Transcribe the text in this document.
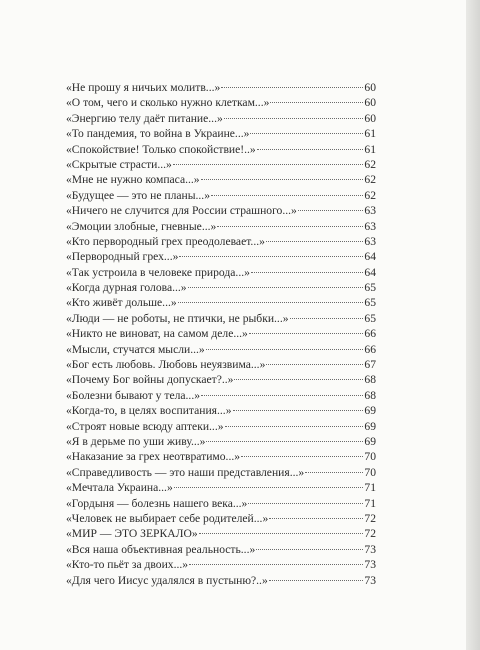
«Не прошу я ничьих молитв...»	60
«О том, чего и сколько нужно клеткам...»	60
«Энергию телу даёт питание...»	60
«То пандемия, то война в Украине...»	61
«Спокойствие! Только спокойствие!..»	61
«Скрытые страсти...»	62
«Мне не нужно компаса...»	62
«Будущее — это не планы...»	62
«Ничего не случится для России страшного...»	63
«Эмоции злобные, гневные...»	63
«Кто первородный грех преодолевает...»	63
«Первородный грех...»	64
«Так устроила в человеке природа...»	64
«Когда дурная голова...»	65
«Кто живёт дольше...»	65
«Люди — не роботы, не птички, не рыбки...»	65
«Никто не виноват, на самом деле...»	66
«Мысли, стучатся мысли...»	66
«Бог есть любовь. Любовь неуязвима...»	67
«Почему Бог войны допускает?..»	68
«Болезни бывают у тела...»	68
«Когда-то, в целях воспитания...»	69
«Строят новые всюду аптеки...»	69
«Я в дерьме по уши живу...»	69
«Наказание за грех неотвратимо...»	70
«Справедливость — это наши представления...»	70
«Мечтала Украина...»	71
«Гордыня — болезнь нашего века...»	71
«Человек не выбирает себе родителей...»	72
«МИР — ЭТО ЗЕРКАЛО»	72
«Вся наша объективная реальность...»	73
«Кто-то пьёт за двоих...»	73
«Для чего Иисус удалялся в пустыню?..»	73
